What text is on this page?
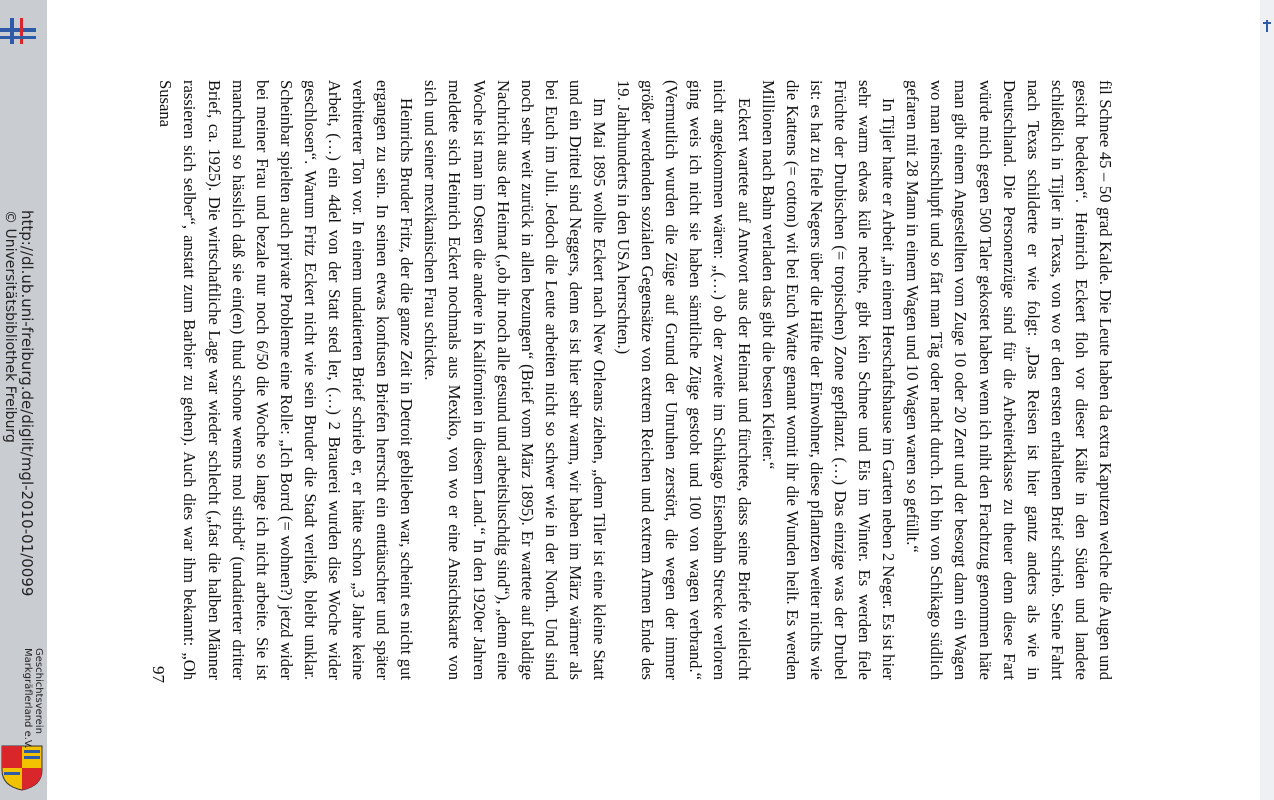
http://dl.ub.uni-freiburg.de/diglit/mgl-2010-01/0099
© Universitätsbibliothek Freiburg
Geschichtsverein
Markgräflerland e.V.	97	fil Schnee 45 – 50 grad Kalde. Die Leute haben da extra Kaputzen welche die Augen und gesicht bedeken“. Heinrich Eckert floh vor dieser Kälte in den Süden und landete schließlich in Tijler in Texas, von wo er den ersten erhaltenen Brief schrieb. Seine Fahrt nach Texas schilderte er wie folgt: „Das Reisen ist hier gantz anders als wie in Deutschland. Die Personenzüge sind für die Arbeiterklasse zu theuer denn diese Fart würde mich gegen 500 Taler gekostet haben wenn ich niht den Frachtzug genommen häte man gibt einem Angestellten vom Zuge 10 oder 20 Zent und der besorgt dann ein Wagen wo man reinschlupft und so fărt man Tăg oder nacht durch. Ich bin von Schikago südlich gefaren mit 28 Mann in einem Wagen und 10 Wagen waren so gefüllt.“

In Tijler hatte er Arbeit „in einem Herschaftshause im Garten neben 2 Neger. Es ist hier sehr warm edwas küle nechte, gibt kein Schnee und Eis im Winter. Es werden fiele Früchte der Drubischen (= tropischen) Zone gepflanzt. (…) Das einzige was der Drubel ist: es hat zu fiele Negers über die Hälfte der Einwohner, diese pflantzen weiter nichts wie die Kattens (= cotton) wit bei Euch Watte genant womit ihr die Wunden heilt. Es werden Millionen nach Bahn verladen das gibt die besten Kleiter.“

Eckert wartete auf Antwort aus der Heimat und fürchtete, dass seine Briefe vielleicht nicht angekommen wären: „(…) ob der zweite im Schikago Eisenbahn Strecke verloren ging weis ich nicht sie haben sämtliche Züge gestobt und 100 von wagen verbrand.“ (Vermutlich wurden die Züge auf Grund der Unruhen zerstört, die wegen der immer größer werdenden sozialen Gegensätze von extrem Reichen und extrem Armen Ende des 19. Jahrhunderts in den USA herrschten.)

Im Mai 1895 wollte Eckert nach New Orleans ziehen, „denn Tiler ist eine kleine Statt und ein Drittel sind Neggers, denn es ist hier sehr warm, wir haben im März wärmer als bei Euch im Juli. Jedoch die Leute arbeiten nicht so schwer wie in der North. Und sind noch sehr weit zurück in allen bezungen“ (Brief vom März 1895). Er wartete auf baldige Nachricht aus der Heimat („ob ihr noch alle gesund und arbeitsluschdig sind“), „denn eine Woche ist man im Osten die andere in Kalifornien in diesem Land.“ In den 1920er Jahren meldete sich Heinrich Eckert nochmals aus Mexiko, von wo er eine Ansichtskarte von sich und seiner mexikanischen Frau schickte.

Heinrichs Bruder Fritz, der die ganze Zeit in Detroit geblieben war, scheint es nicht gut ergangen zu sein. In seinen etwas konfusen Briefen herrscht ein enttäuschter und später verbitterter Ton vor. In einem undatierten Brief schrieb er, er hätte schon „3 Jahre keine Arbeit, (…) ein 4del von der Statt sted ler, (…) 2 Brauerei wurden dise Woche wider geschlosen“. Warum Fritz Eckert nicht wie sein Bruder die Stadt verließ, bleibt unklar. Scheinbar spielten auch private Probleme eine Rolle: „Ich Borrd (= wohnen?) jetzd wider bei meiner Frau und bezale nur noch 6/50 die Woche so lange ich nicht arbeite. Sie ist manchmal so hässlich daß sie ein(en) thud schone wenns mol stirbd“ (undatierter dritter Brief, ca. 1925). Die wirtschaftliche Lage war wieder schlecht („fast die halben Männer rassieren sich selber“, anstatt zum Barbier zu gehen). Auch dies war ihm bekannt: „Oh Susana
